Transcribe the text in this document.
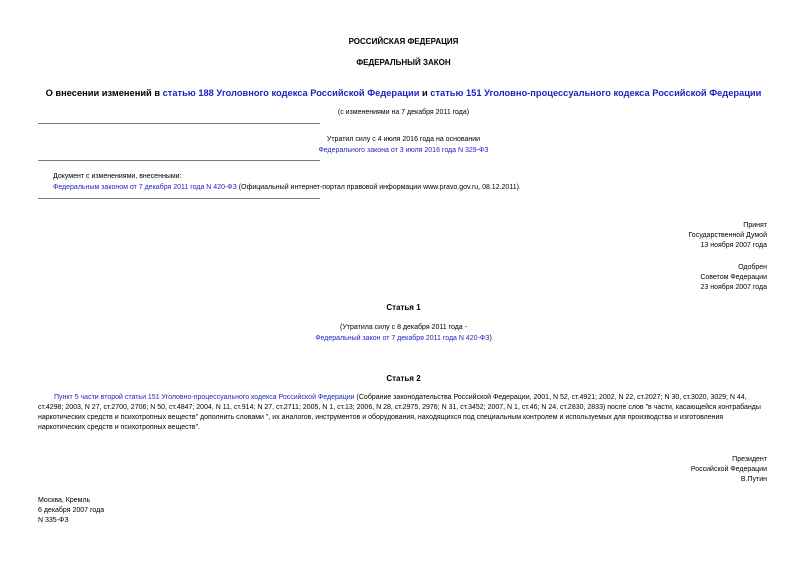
РОССИЙСКАЯ ФЕДЕРАЦИЯ
ФЕДЕРАЛЬНЫЙ ЗАКОН
О внесении изменений в статью 188 Уголовного кодекса Российской Федерации и статью 151 Уголовно-процессуального кодекса Российской Федерации
(с изменениями на 7 декабря 2011 года)
Утратил силу с 4 июля 2016 года на основании
Федерального закона от 3 июля 2016 года N 329-ФЗ
Документ с изменениями, внесенными:
Федеральным законом от 7 декабря 2011 года N 420-ФЗ (Официальный интернет-портал правовой информации www.pravo.gov.ru, 08.12.2011).
Принят
Государственной Думой
13 ноября 2007 года
Одобрен
Советом Федерации
23 ноября 2007 года
Статья 1
(Утратила силу с 8 декабря 2011 года -
Федеральный закон от 7 декабря 2011 года N 420-ФЗ)
Статья 2
Пункт 5 части второй статьи 151 Уголовно-процессуального кодекса Российской Федерации (Собрание законодательства Российской Федерации, 2001, N 52, ст.4921; 2002, N 22, ст.2027; N 30, ст.3020, 3029; N 44, ст.4298; 2003, N 27, ст.2700, 2706; N 50, ст.4847; 2004, N 11, ст.914; N 27, ст.2711; 2005, N 1, ст.13; 2006, N 28, ст.2975, 2976; N 31, ст.3452; 2007, N 1, ст.46; N 24, ст.2830, 2833) после слов "в части, касающейся контрабанды наркотических средств и психотропных веществ" дополнить словами ", их аналогов, инструментов и оборудования, находящихся под специальным контролем и используемых для производства и изготовления наркотических средств и психотропных веществ".
Президент
Российской Федерации
В.Путин
Москва, Кремль
6 декабря 2007 года
N 335-ФЗ
